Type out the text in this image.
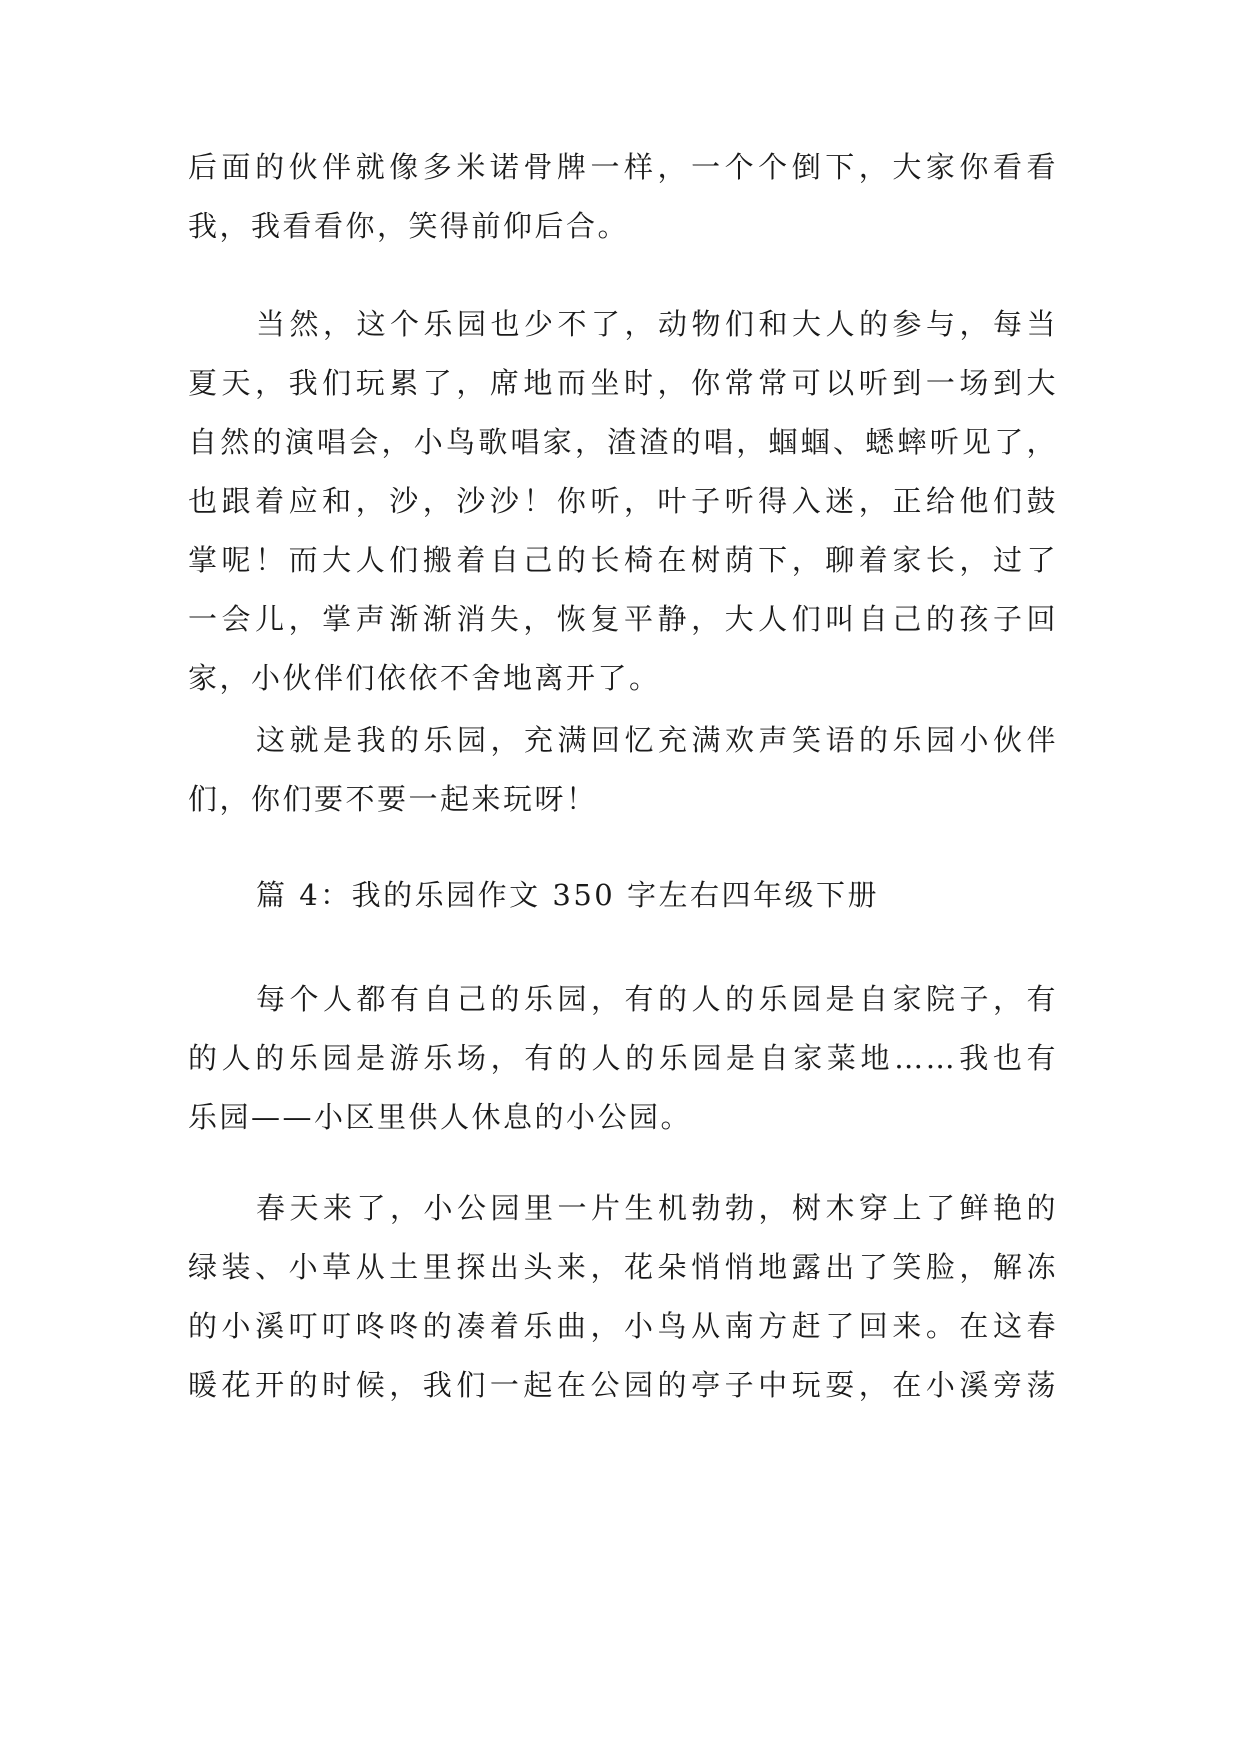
后面的伙伴就像多米诺骨牌一样，一个个倒下，大家你看看
我，我看看你，笑得前仰后合。
当然，这个乐园也少不了，动物们和大人的参与，每当
夏天，我们玩累了，席地而坐时，你常常可以听到一场到大
自然的演唱会，小鸟歌唱家，渣渣的唱，蝈蝈、蟋蟀听见了，
也跟着应和，沙，沙沙！你听，叶子听得入迷，正给他们鼓
掌呢！而大人们搬着自己的长椅在树荫下，聊着家长，过了
一会儿，掌声渐渐消失，恢复平静，大人们叫自己的孩子回
家，小伙伴们依依不舍地离开了。
这就是我的乐园，充满回忆充满欢声笑语的乐园小伙伴
们，你们要不要一起来玩呀！
篇 4：我的乐园作文 350 字左右四年级下册
每个人都有自己的乐园，有的人的乐园是自家院子，有
的人的乐园是游乐场，有的人的乐园是自家菜地……我也有
乐园——小区里供人休息的小公园。
春天来了，小公园里一片生机勃勃，树木穿上了鲜艳的
绿装、小草从土里探出头来，花朵悄悄地露出了笑脸，解冻
的小溪叮叮咚咚的凑着乐曲，小鸟从南方赶了回来。在这春
暖花开的时候，我们一起在公园的亭子中玩耍，在小溪旁荡
